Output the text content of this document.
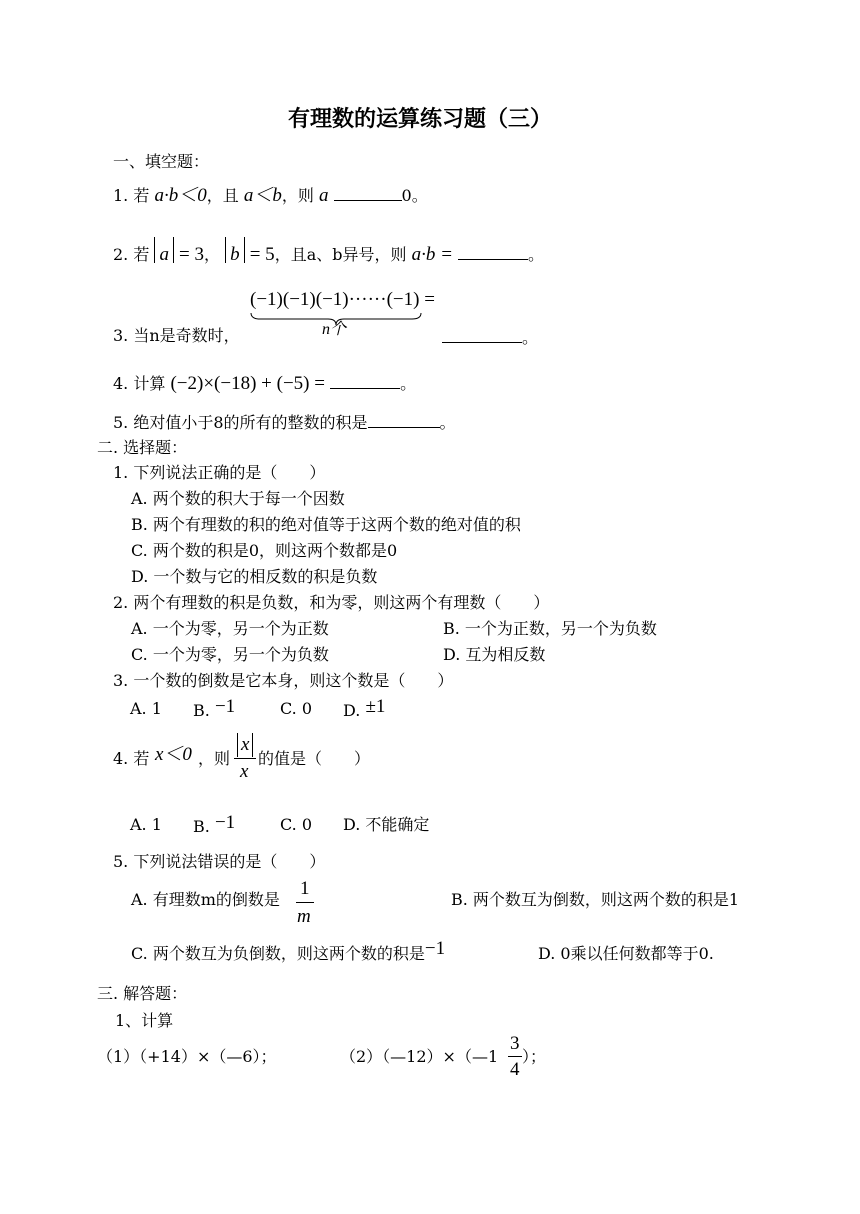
有理数的运算练习题（三）
一、填空题：
1. 若 a·b＜0，且 a＜b，则 a	0。
2. 若 a = 3， b = 5，且a、b异号，则 a·b =	。
(−1)(−1)(−1)······(−1) =
n个
3. 当n是奇数时，	。
4. 计算 (−2)×(−18) + (−5) =	。
5. 绝对值小于8的所有的整数的积是	。
二. 选择题：
1. 下列说法正确的是（　　）
A. 两个数的积大于每一个因数
B. 两个有理数的积的绝对值等于这两个数的绝对值的积
C. 两个数的积是0，则这两个数都是0
D. 一个数与它的相反数的积是负数
2. 两个有理数的积是负数，和为零，则这两个有理数（　　）
A. 一个为零，另一个为正数	B. 一个为正数，另一个为负数
C. 一个为零，另一个为负数	D. 互为相反数
3. 一个数的倒数是它本身，则这个数是（　　）
A. 1 B. −1	C. 0 D. ±1
4. 若 x＜0 ，则
x
x
的值是（　　）
A. 1 B. −1	C. 0 D. 不能确定
5. 下列说法错误的是（　　）
A. 有理数m的倒数是
1
m
B. 两个数互为倒数，则这两个数的积是1
C. 两个数互为负倒数，则这两个数的积是−1	D. 0乘以任何数都等于0.
三. 解答题：
1、计算
（1）（+14）×（—6）；	（2）（—12）×（—1
3
4
）；
